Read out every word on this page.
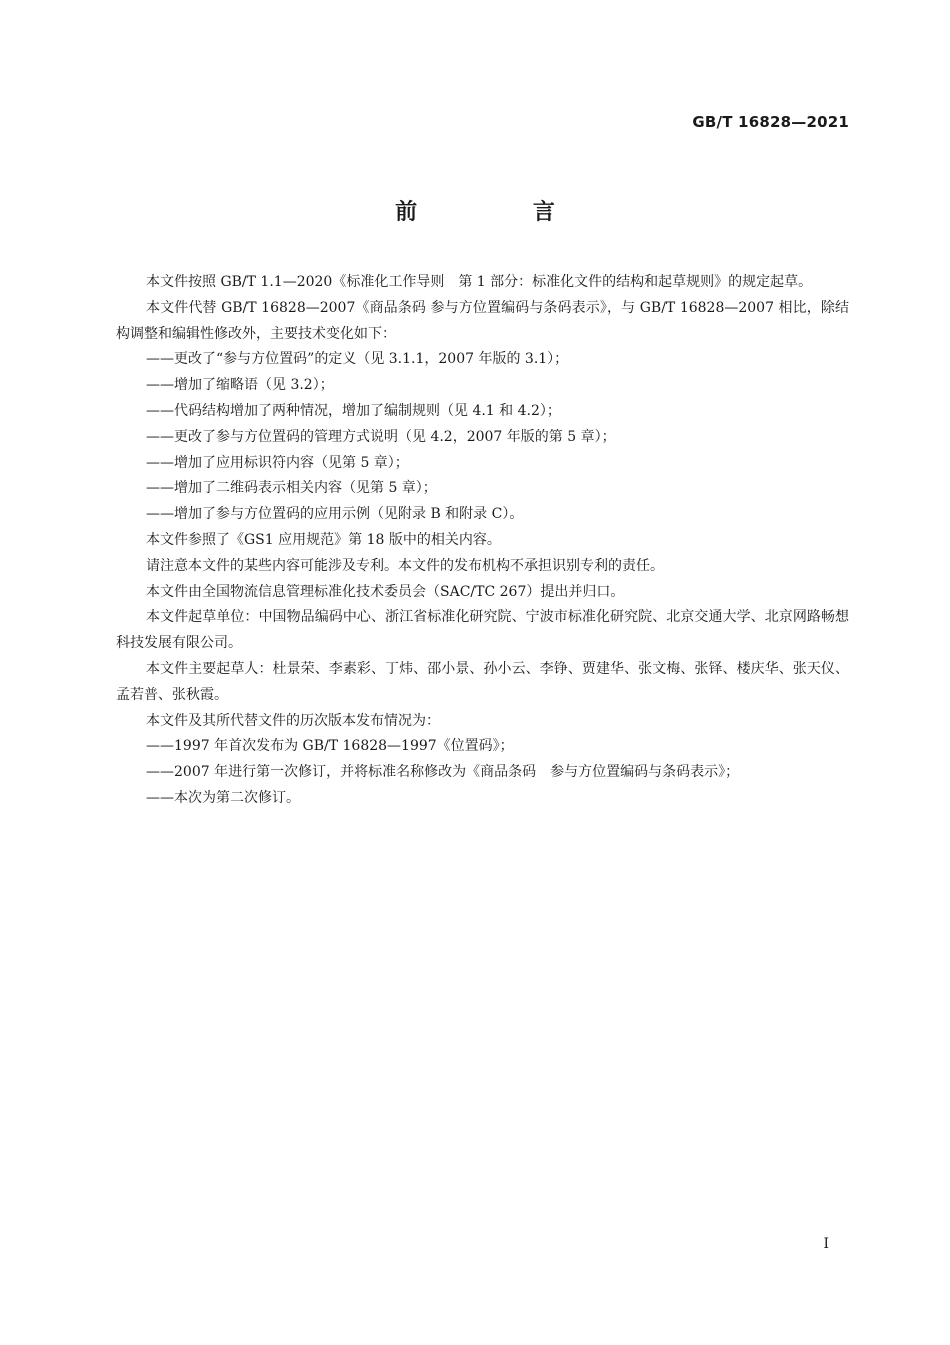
GB/T 16828—2021
前 言

本文件按照 GB/T 1.1—2020《标准化工作导则　第 1 部分：标准化文件的结构和起草规则》的规定起草。

本文件代替 GB/T 16828—2007《商品条码 参与方位置编码与条码表示》，与 GB/T 16828—2007 相比，除结构调整和编辑性修改外，主要技术变化如下：

——更改了“参与方位置码”的定义（见 3.1.1，2007 年版的 3.1）；

——增加了缩略语（见 3.2）；

——代码结构增加了两种情况，增加了编制规则（见 4.1 和 4.2）；

——更改了参与方位置码的管理方式说明（见 4.2，2007 年版的第 5 章）；

——增加了应用标识符内容（见第 5 章）；

——增加了二维码表示相关内容（见第 5 章）；

——增加了参与方位置码的应用示例（见附录 B 和附录 C）。

本文件参照了《GS1 应用规范》第 18 版中的相关内容。

请注意本文件的某些内容可能涉及专利。本文件的发布机构不承担识别专利的责任。

本文件由全国物流信息管理标准化技术委员会（SAC/TC 267）提出并归口。

本文件起草单位：中国物品编码中心、浙江省标准化研究院、宁波市标准化研究院、北京交通大学、北京网路畅想科技发展有限公司。

本文件主要起草人：杜景荣、李素彩、丁炜、邵小景、孙小云、李铮、贾建华、张文梅、张铎、楼庆华、张天仪、孟若普、张秋霞。

本文件及其所代替文件的历次版本发布情况为：

——1997 年首次发布为 GB/T 16828—1997《位置码》；

——2007 年进行第一次修订，并将标准名称修改为《商品条码　参与方位置编码与条码表示》；

——本次为第二次修订。

I
